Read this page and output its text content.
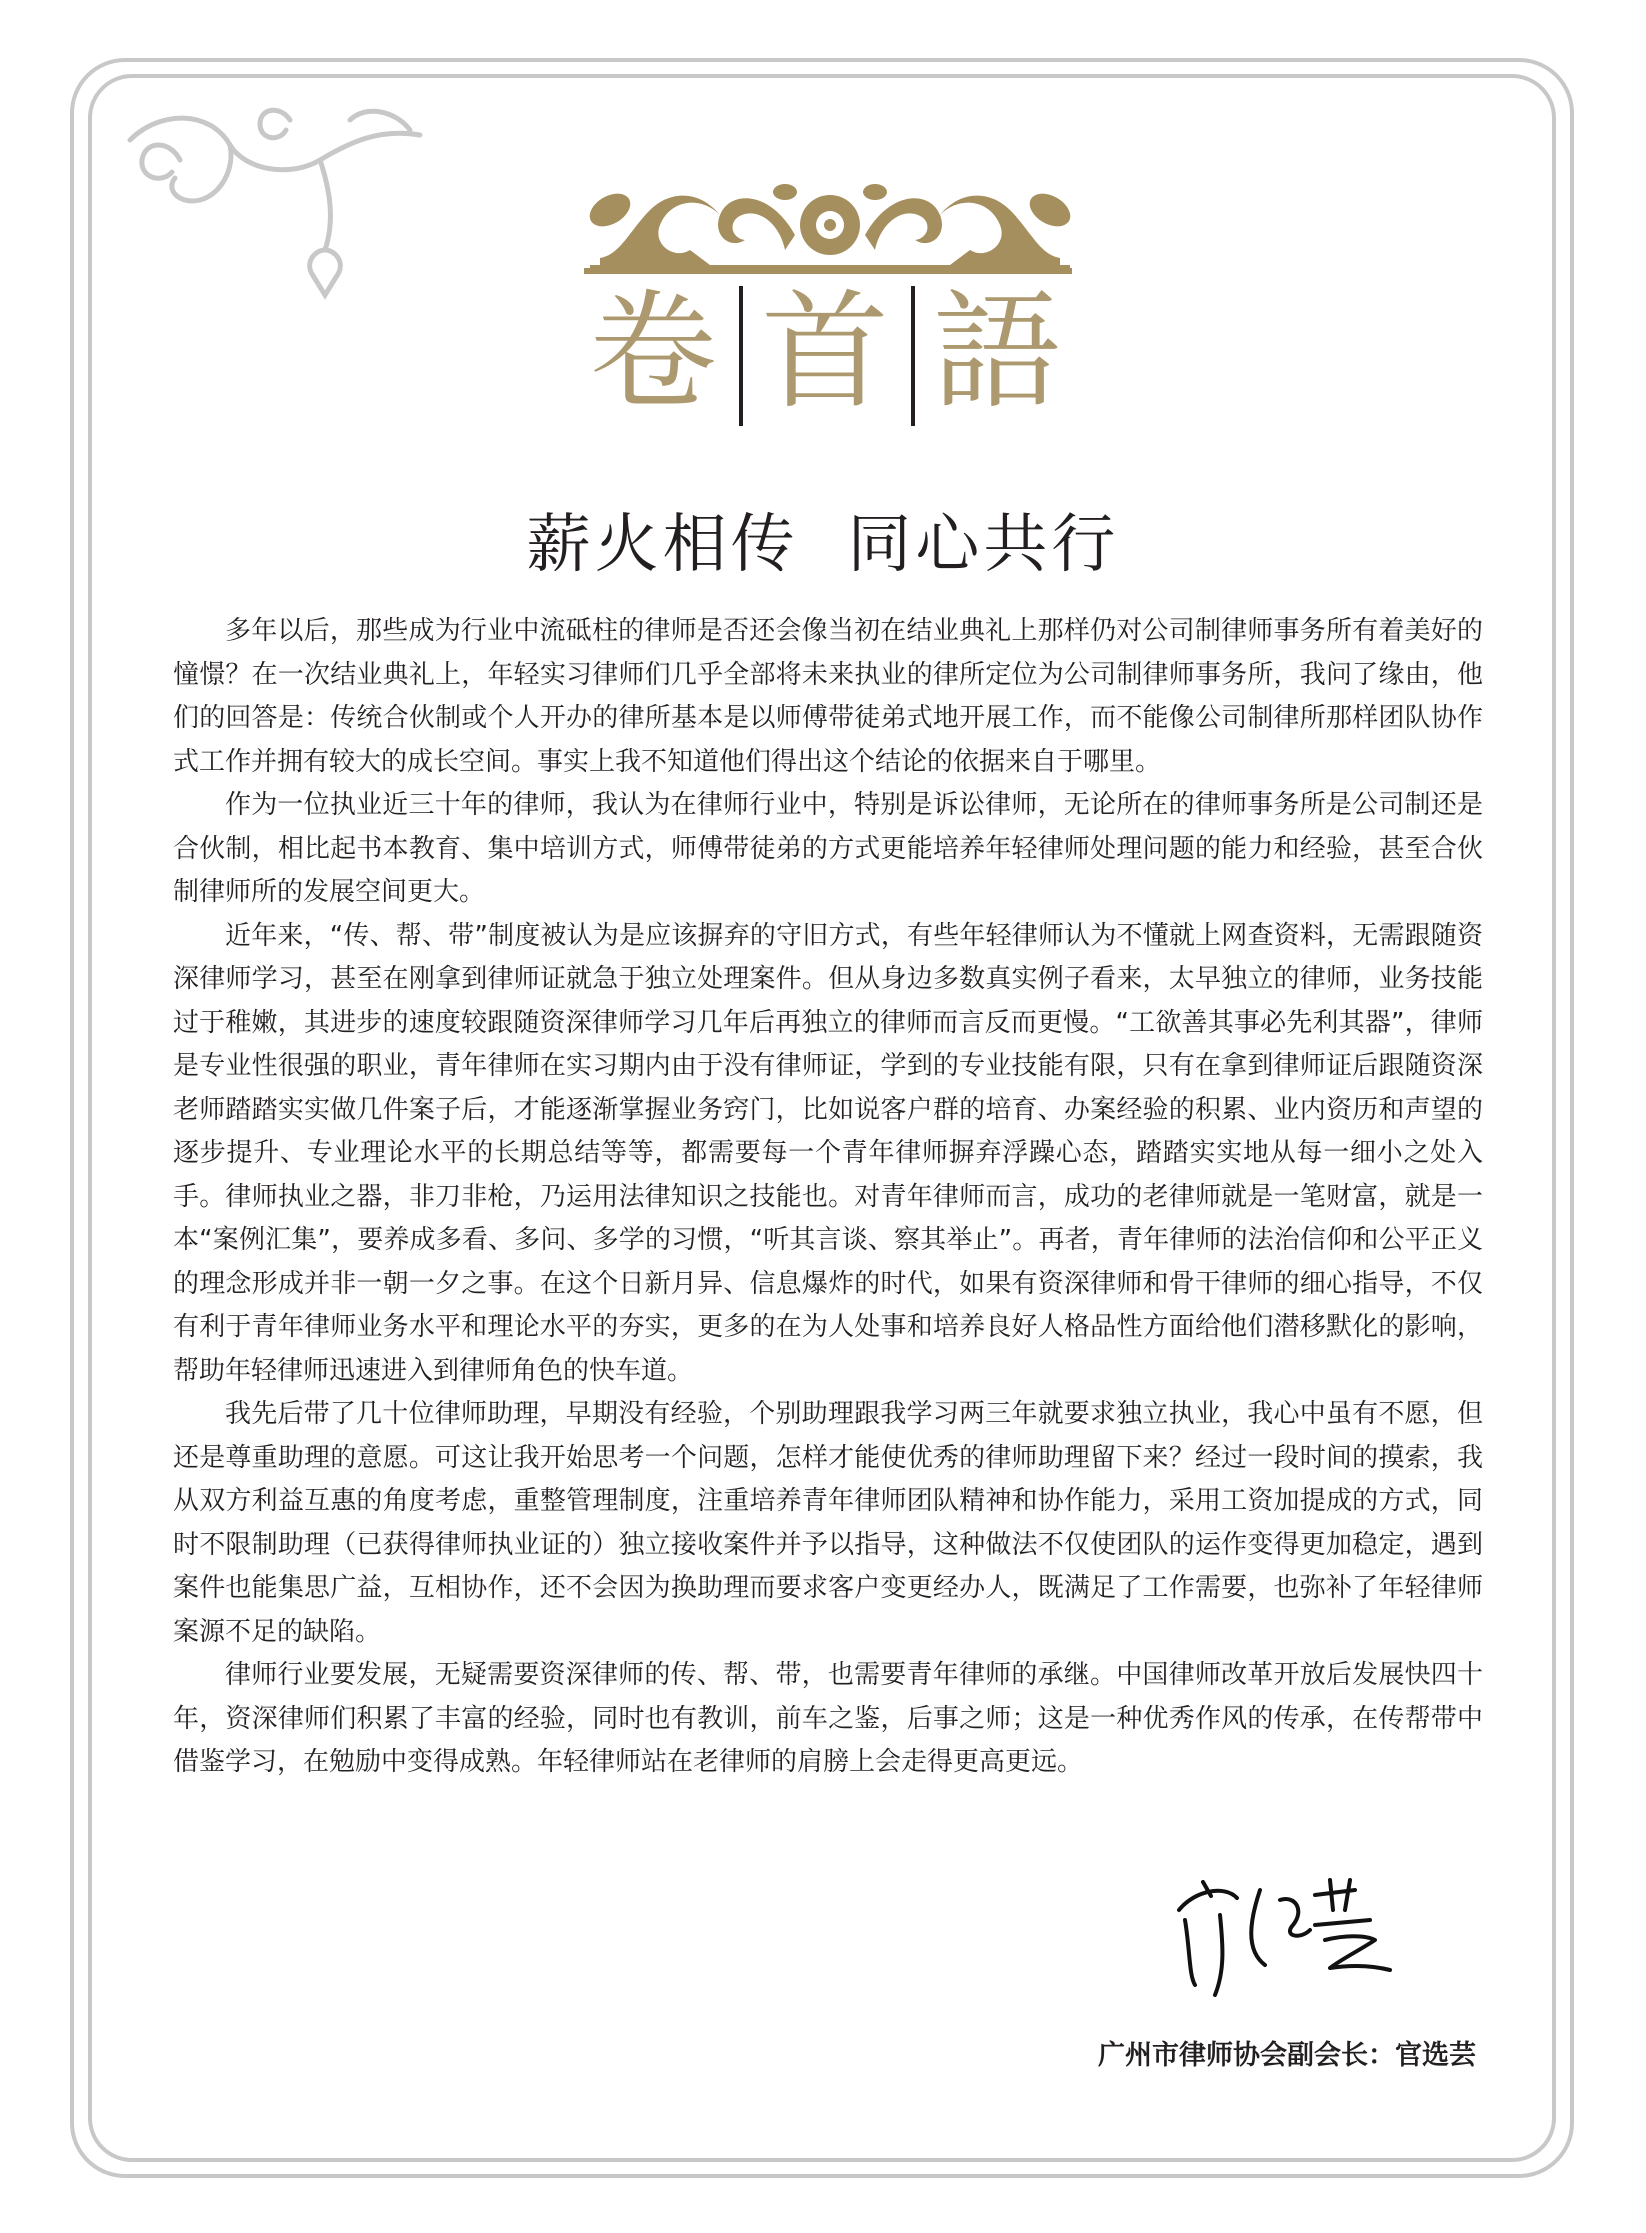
卷 首 語
薪火相传  同心共行

多年以后，那些成为行业中流砥柱的律师是否还会像当初在结业典礼上那样仍对公司制律师事务所有着美好的憧憬？在一次结业典礼上，年轻实习律师们几乎全部将未来执业的律所定位为公司制律师事务所，我问了缘由，他们的回答是：传统合伙制或个人开办的律所基本是以师傅带徒弟式地开展工作，而不能像公司制律所那样团队协作式工作并拥有较大的成长空间。事实上我不知道他们得出这个结论的依据来自于哪里。

作为一位执业近三十年的律师，我认为在律师行业中，特别是诉讼律师，无论所在的律师事务所是公司制还是合伙制，相比起书本教育、集中培训方式，师傅带徒弟的方式更能培养年轻律师处理问题的能力和经验，甚至合伙制律师所的发展空间更大。

近年来，“传、帮、带”制度被认为是应该摒弃的守旧方式，有些年轻律师认为不懂就上网查资料，无需跟随资深律师学习，甚至在刚拿到律师证就急于独立处理案件。但从身边多数真实例子看来，太早独立的律师，业务技能过于稚嫩，其进步的速度较跟随资深律师学习几年后再独立的律师而言反而更慢。“工欲善其事必先利其器”，律师是专业性很强的职业，青年律师在实习期内由于没有律师证，学到的专业技能有限，只有在拿到律师证后跟随资深老师踏踏实实做几件案子后，才能逐渐掌握业务窍门，比如说客户群的培育、办案经验的积累、业内资历和声望的逐步提升、专业理论水平的长期总结等等，都需要每一个青年律师摒弃浮躁心态，踏踏实实地从每一细小之处入手。律师执业之器，非刀非枪，乃运用法律知识之技能也。对青年律师而言，成功的老律师就是一笔财富，就是一本“案例汇集”，要养成多看、多问、多学的习惯，“听其言谈、察其举止”。再者，青年律师的法治信仰和公平正义的理念形成并非一朝一夕之事。在这个日新月异、信息爆炸的时代，如果有资深律师和骨干律师的细心指导，不仅有利于青年律师业务水平和理论水平的夯实，更多的在为人处事和培养良好人格品性方面给他们潜移默化的影响，帮助年轻律师迅速进入到律师角色的快车道。

我先后带了几十位律师助理，早期没有经验，个别助理跟我学习两三年就要求独立执业，我心中虽有不愿，但还是尊重助理的意愿。可这让我开始思考一个问题，怎样才能使优秀的律师助理留下来？经过一段时间的摸索，我从双方利益互惠的角度考虑，重整管理制度，注重培养青年律师团队精神和协作能力，采用工资加提成的方式，同时不限制助理（已获得律师执业证的）独立接收案件并予以指导，这种做法不仅使团队的运作变得更加稳定，遇到案件也能集思广益，互相协作，还不会因为换助理而要求客户变更经办人，既满足了工作需要，也弥补了年轻律师案源不足的缺陷。

律师行业要发展，无疑需要资深律师的传、帮、带，也需要青年律师的承继。中国律师改革开放后发展快四十年，资深律师们积累了丰富的经验，同时也有教训，前车之鉴，后事之师；这是一种优秀作风的传承，在传帮带中借鉴学习，在勉励中变得成熟。年轻律师站在老律师的肩膀上会走得更高更远。

广州市律师协会副会长：官选芸
